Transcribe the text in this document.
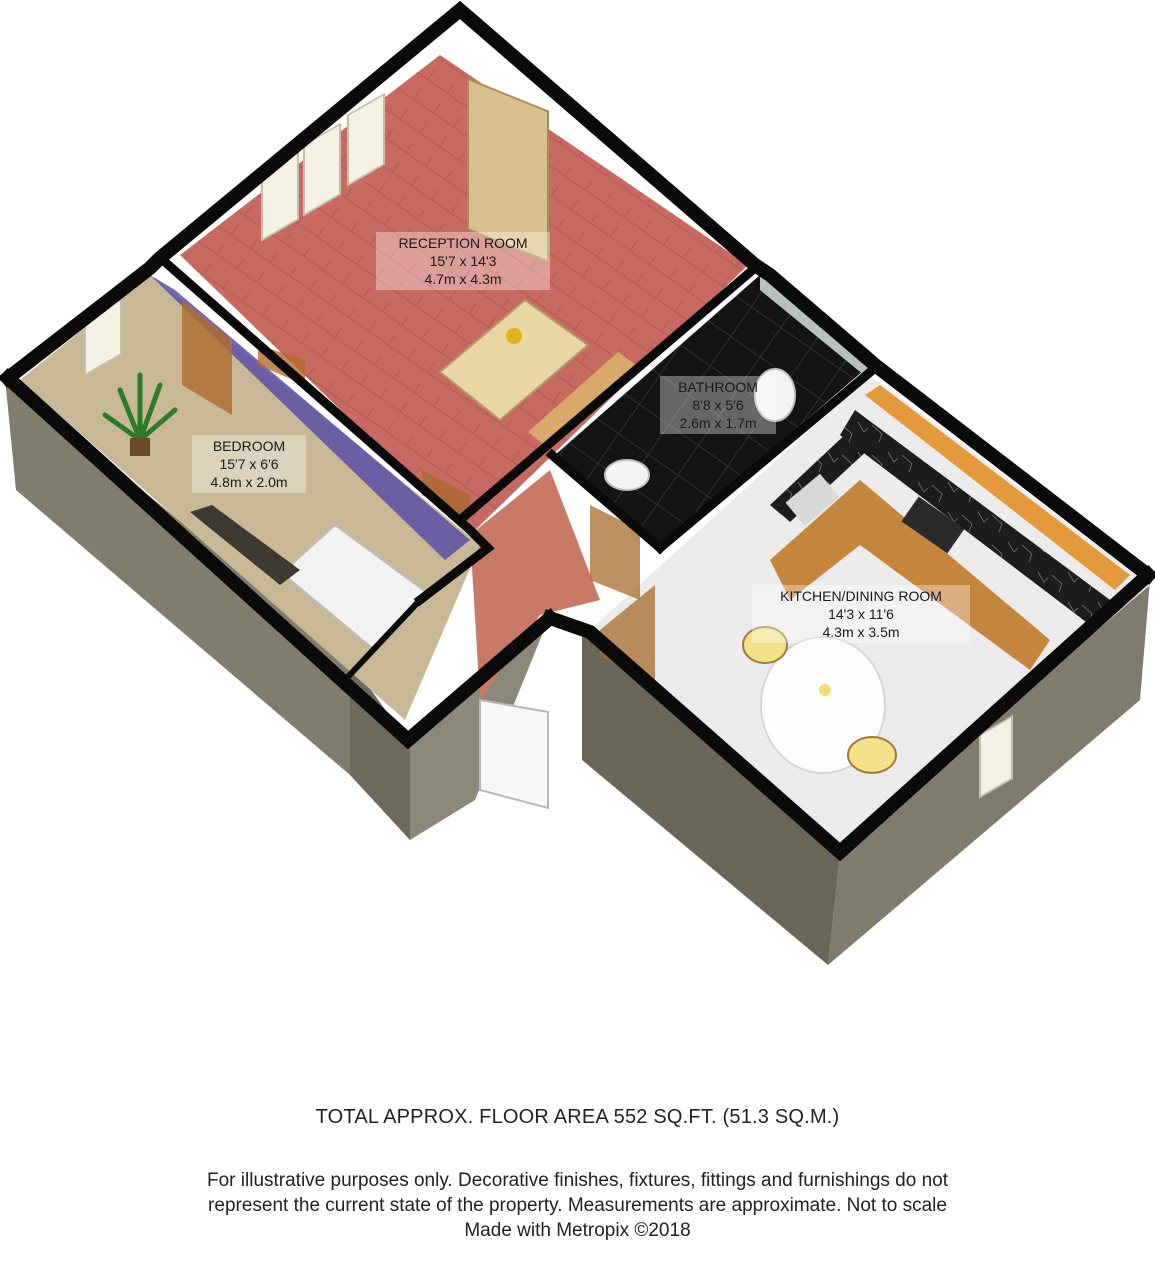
RECEPTION ROOM
15'7 x 14'3
4.7m x 4.3m
BEDROOM
15'7 x 6'6
4.8m x 2.0m
BATHROOM
8'8 x 5'6
2.6m x 1.7m
KITCHEN/DINING ROOM
14'3 x 11'6
4.3m x 3.5m
TOTAL APPROX. FLOOR AREA 552 SQ.FT. (51.3 SQ.M.)
For illustrative purposes only. Decorative finishes, fixtures, fittings and furnishings do not
represent the current state of the property. Measurements are approximate. Not to scale
Made with Metropix ©2018
